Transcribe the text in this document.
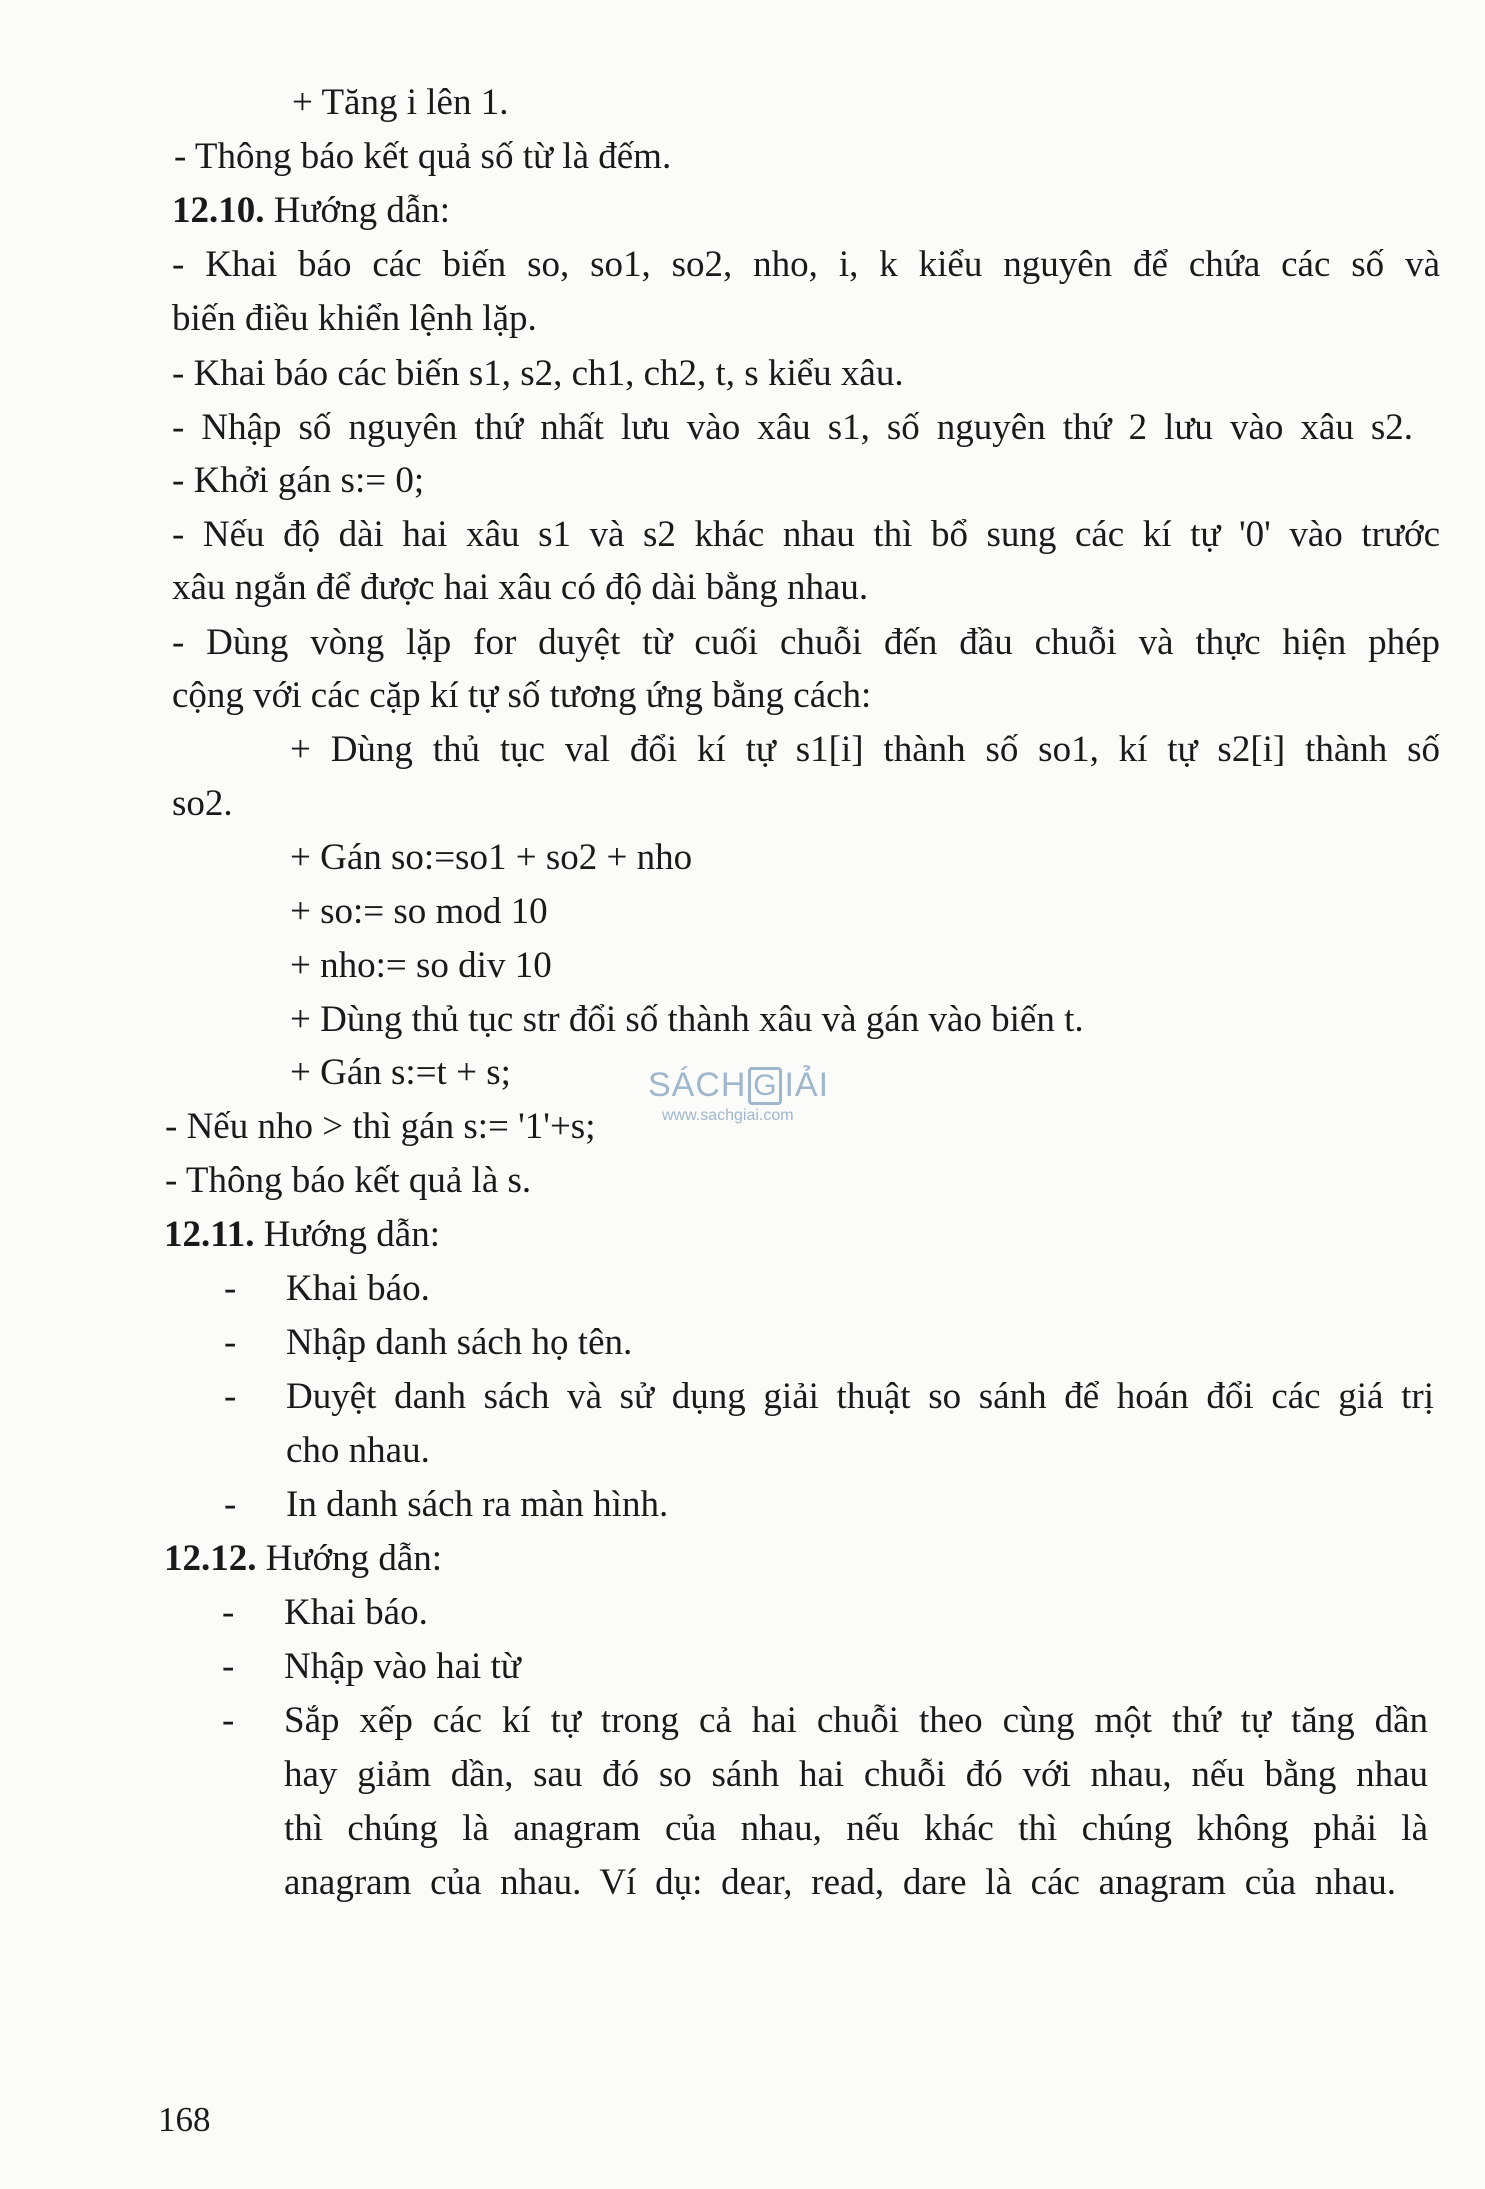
+ Tăng i lên 1.
- Thông báo kết quả số từ là đếm.
12.10. Hướng dẫn:
- Khai báo các biến so, so1, so2, nho, i, k kiểu nguyên để chứa các số và
biến điều khiển lệnh lặp.
- Khai báo các biến s1, s2, ch1, ch2, t, s kiểu xâu.
- Nhập số nguyên thứ nhất lưu vào xâu s1, số nguyên thứ 2 lưu vào xâu s2.
- Khởi gán s:= 0;
- Nếu độ dài hai xâu s1 và s2 khác nhau thì bổ sung các kí tự '0' vào trước
xâu ngắn để được hai xâu có độ dài bằng nhau.
- Dùng vòng lặp for duyệt từ cuối chuỗi đến đầu chuỗi và thực hiện phép
cộng với các cặp kí tự số tương ứng bằng cách:
+ Dùng thủ tục val đổi kí tự s1[i] thành số so1, kí tự s2[i] thành số
so2.
+ Gán so:=so1 + so2 + nho
+ so:= so mod 10
+ nho:= so div 10
+ Dùng thủ tục str đổi số thành xâu và gán vào biến t.
+ Gán s:=t + s;
- Nếu nho > thì gán s:= '1'+s;
- Thông báo kết quả là s.
12.11. Hướng dẫn:
- Khai báo.
- Nhập danh sách họ tên.
- Duyệt danh sách và sử dụng giải thuật so sánh để hoán đổi các giá trị
cho nhau.
- In danh sách ra màn hình.
12.12. Hướng dẫn:
- Khai báo.
- Nhập vào hai từ
- Sắp xếp các kí tự trong cả hai chuỗi theo cùng một thứ tự tăng dần
hay giảm dần, sau đó so sánh hai chuỗi đó với nhau, nếu bằng nhau
thì chúng là anagram của nhau, nếu khác thì chúng không phải là
anagram của nhau. Ví dụ: dear, read, dare là các anagram của nhau.
SÁCH G IẢI
www.sachgiai.com
168
